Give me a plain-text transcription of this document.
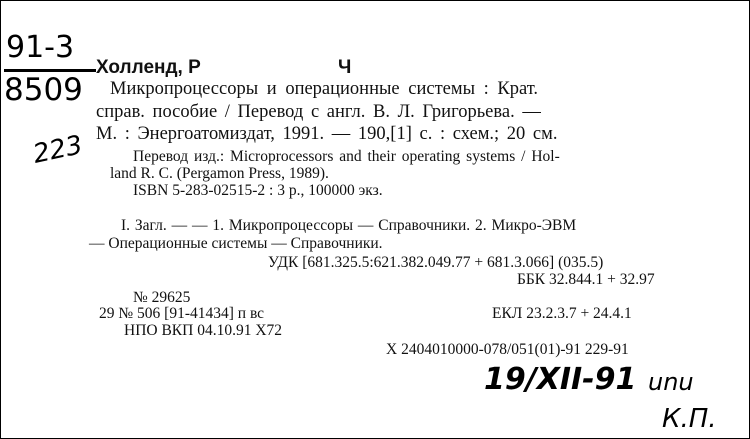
91-3
8509
223
19/XII-91 unu
К.П.
Холленд, Р	Ч
Микропроцессоры и операционные системы : Крат.
справ. пособие / Перевод с англ. В. Л. Григорьева. —
М. : Энергоатомиздат, 1991. — 190,[1] с. : схем.; 20 см.
Перевод изд.: Microprocessors and their operating systems / Hol-
land R. C. (Pergamon Press, 1989).
ISBN 5-283-02515-2 : 3 р., 100000 экз.
I. Загл. — — 1. Микропроцессоры — Справочники. 2. Микро-ЭВМ
— Операционные системы — Справочники.
УДК [681.325.5:621.382.049.77 + 681.3.066] (035.5)
ББК 32.844.1 + 32.97
№ 29625
29 № 506 [91-41434] п вс	ЕКЛ 23.2.3.7 + 24.4.1
НПО ВКП 04.10.91 Х72
X 2404010000-078/051(01)-91 229-91
